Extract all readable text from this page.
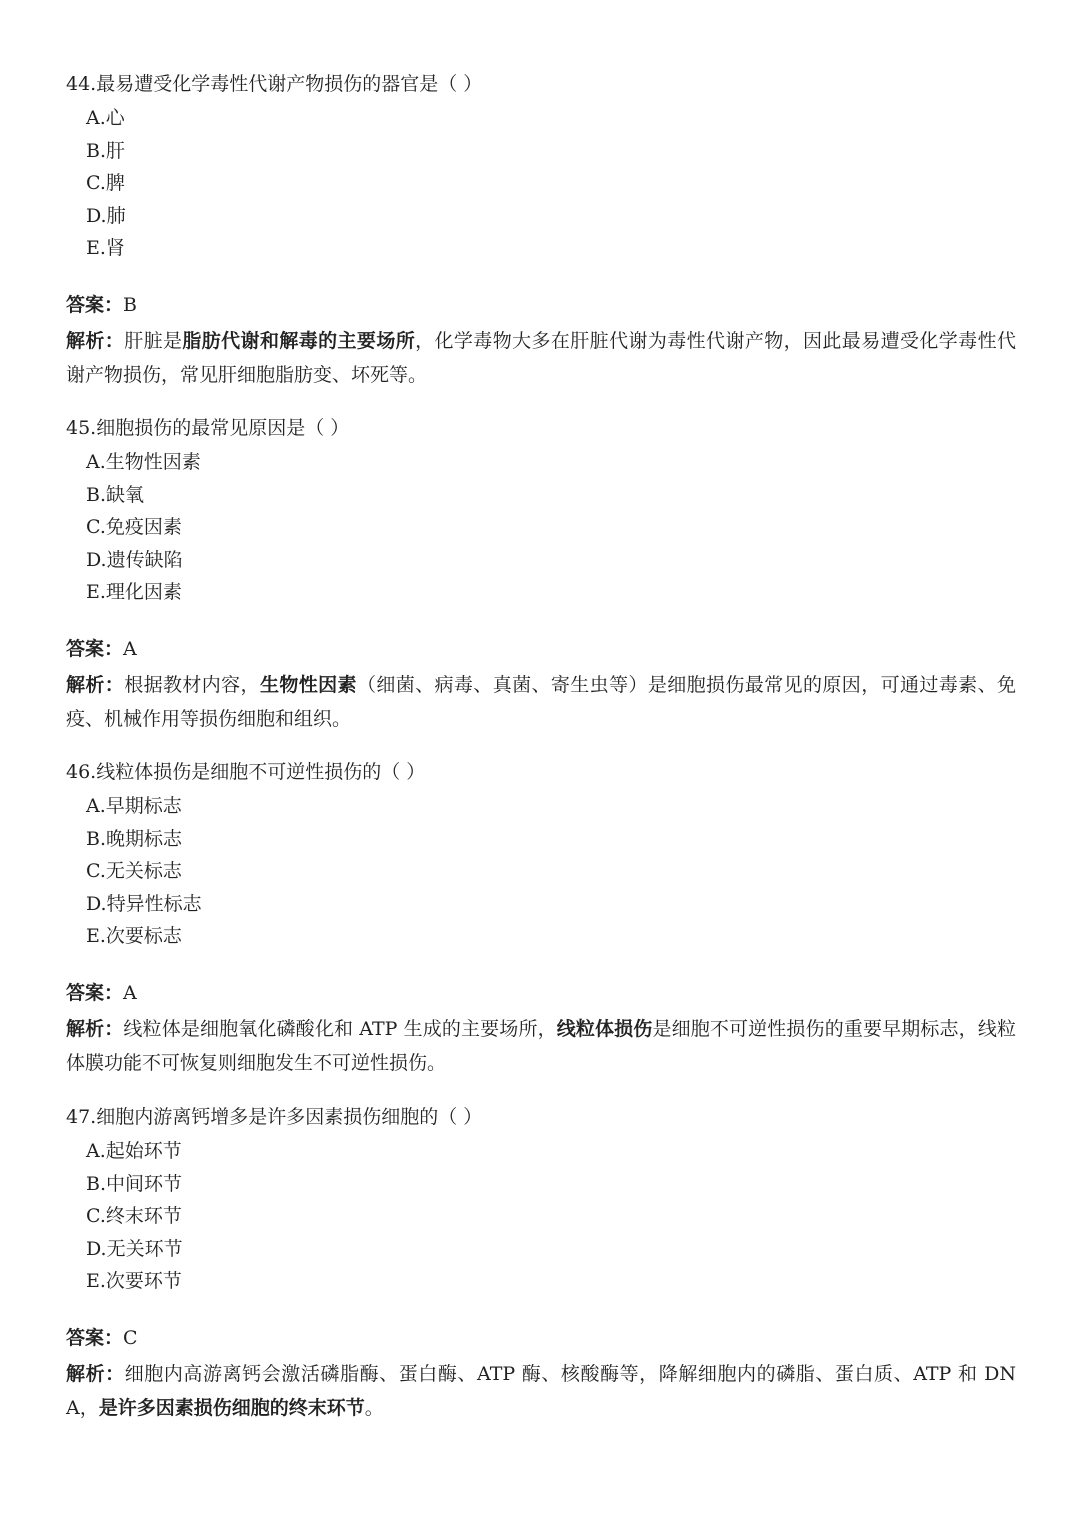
44.最易遭受化学毒性代谢产物损伤的器官是（ ）
A.心
B.肝
C.脾
D.肺
E.肾
答案：B
解析：肝脏是脂肪代谢和解毒的主要场所，化学毒物大多在肝脏代谢为毒性代谢产物，因此最易遭受化学毒性代谢产物损伤，常见肝细胞脂肪变、坏死等。
45.细胞损伤的最常见原因是（ ）
A.生物性因素
B.缺氧
C.免疫因素
D.遗传缺陷
E.理化因素
答案：A
解析：根据教材内容，生物性因素（细菌、病毒、真菌、寄生虫等）是细胞损伤最常见的原因，可通过毒素、免疫、机械作用等损伤细胞和组织。
46.线粒体损伤是细胞不可逆性损伤的（ ）
A.早期标志
B.晚期标志
C.无关标志
D.特异性标志
E.次要标志
答案：A
解析：线粒体是细胞氧化磷酸化和 ATP 生成的主要场所，线粒体损伤是细胞不可逆性损伤的重要早期标志，线粒体膜功能不可恢复则细胞发生不可逆性损伤。
47.细胞内游离钙增多是许多因素损伤细胞的（ ）
A.起始环节
B.中间环节
C.终末环节
D.无关环节
E.次要环节
答案：C
解析：细胞内高游离钙会激活磷脂酶、蛋白酶、ATP 酶、核酸酶等，降解细胞内的磷脂、蛋白质、ATP 和 DNA，是许多因素损伤细胞的终末环节。
